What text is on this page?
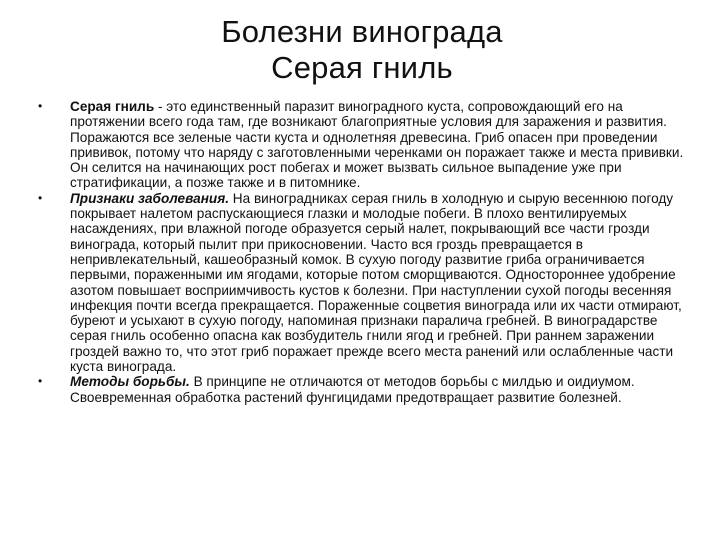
Болезни винограда
Серая гниль
• Серая гниль - это единственный паразит виноградного куста, сопровождающий его на протяжении всего года там, где возникают благоприятные условия для заражения и развития. Поражаются все зеленые части куста и однолетняя древесина. Гриб опасен при проведении прививок, потому что наряду с заготовленными черенками он поражает также и места прививки. Он селится на начинающих рост побегах и может вызвать сильное выпадение уже при стратификации, а позже также и в питомнике.
• Признаки заболевания. На виноградниках серая гниль в холодную и сырую весеннюю погоду покрывает налетом распускающиеся глазки и молодые побеги. В плохо вентилируемых насаждениях, при влажной погоде образуется серый налет, покрывающий все части грозди винограда, который пылит при прикосновении. Часто вся гроздь превращается в непривлекательный, кашеобразный комок. В сухую погоду развитие гриба ограничивается первыми, пораженными им ягодами, которые потом сморщиваются. Одностороннее удобрение азотом повышает восприимчивость кустов к болезни. При наступлении сухой погоды весенняя инфекция почти всегда прекращается. Пораженные соцветия винограда или их части отмирают, буреют и усыхают в сухую погоду, напоминая признаки паралича гребней. В виноградарстве серая гниль особенно опасна как возбудитель гнили ягод и гребней. При раннем заражении гроздей важно то, что этот гриб поражает прежде всего места ранений или ослабленные части куста винограда.
• Методы борьбы. В принципе не отличаются от методов борьбы с милдью и оидиумом. Своевременная обработка растений фунгицидами предотвращает развитие болезней.
